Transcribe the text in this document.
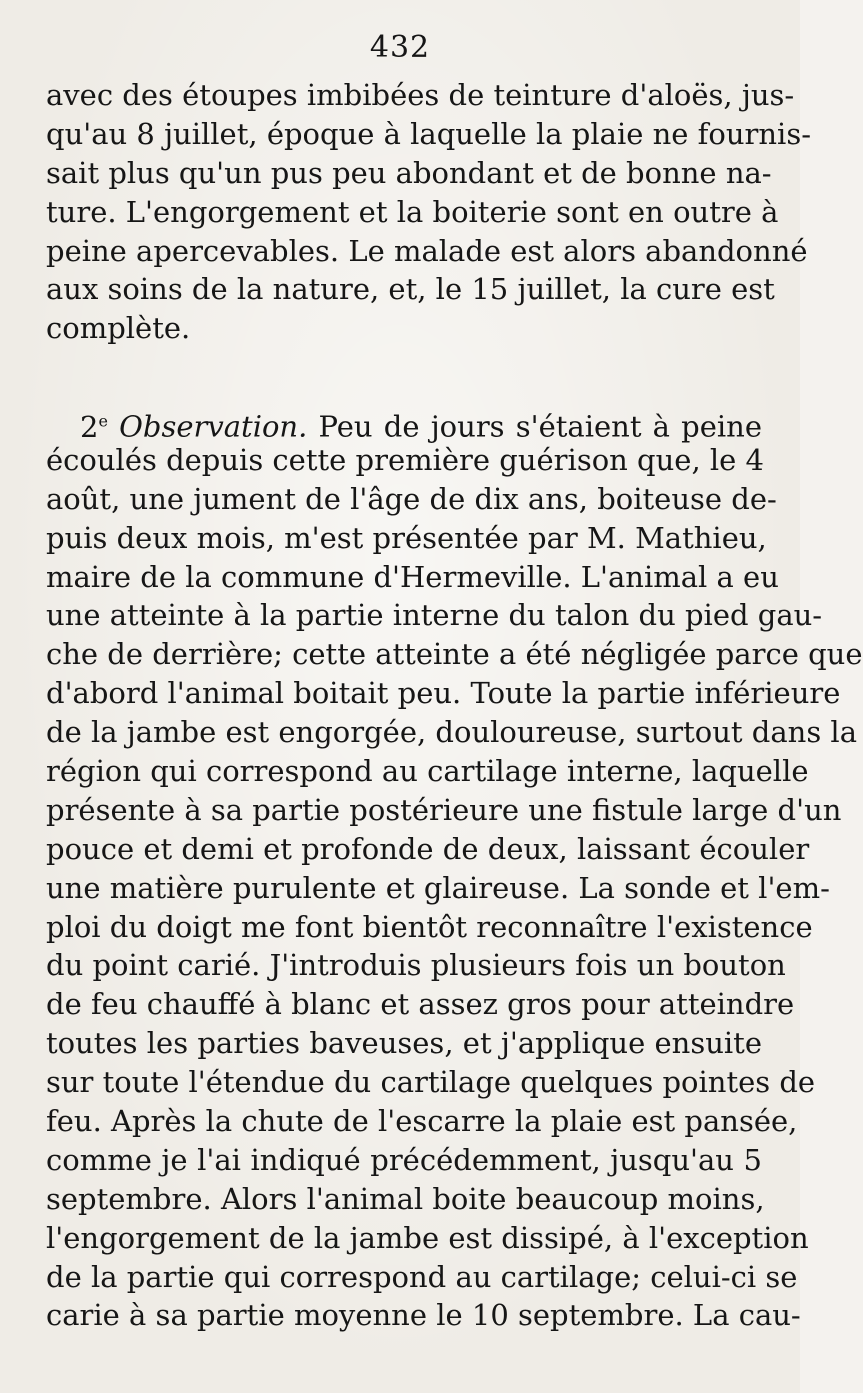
432
avec des étoupes imbibées de teinture d'aloës, jus-
qu'au 8 juillet, époque à laquelle la plaie ne fournis-
sait plus qu'un pus peu abondant et de bonne na-
ture. L'engorgement et la boiterie sont en outre à
peine apercevables. Le malade est alors abandonné
aux soins de la nature, et, le 15 juillet, la cure est
complète.
2e Observation. Peu de jours s'étaient à peine
écoulés depuis cette première guérison que, le 4
août, une jument de l'âge de dix ans, boiteuse de-
puis deux mois, m'est présentée par M. Mathieu,
maire de la commune d'Hermeville. L'animal a eu
une atteinte à la partie interne du talon du pied gau-
che de derrière; cette atteinte a été négligée parce que
d'abord l'animal boitait peu. Toute la partie inférieure
de la jambe est engorgée, douloureuse, surtout dans la
région qui correspond au cartilage interne, laquelle
présente à sa partie postérieure une fistule large d'un
pouce et demi et profonde de deux, laissant écouler
une matière purulente et glaireuse. La sonde et l'em-
ploi du doigt me font bientôt reconnaître l'existence
du point carié. J'introduis plusieurs fois un bouton
de feu chauffé à blanc et assez gros pour atteindre
toutes les parties baveuses, et j'applique ensuite
sur toute l'étendue du cartilage quelques pointes de
feu. Après la chute de l'escarre la plaie est pansée,
comme je l'ai indiqué précédemment, jusqu'au 5
septembre. Alors l'animal boite beaucoup moins,
l'engorgement de la jambe est dissipé, à l'exception
de la partie qui correspond au cartilage; celui-ci se
carie à sa partie moyenne le 10 septembre. La cau-
